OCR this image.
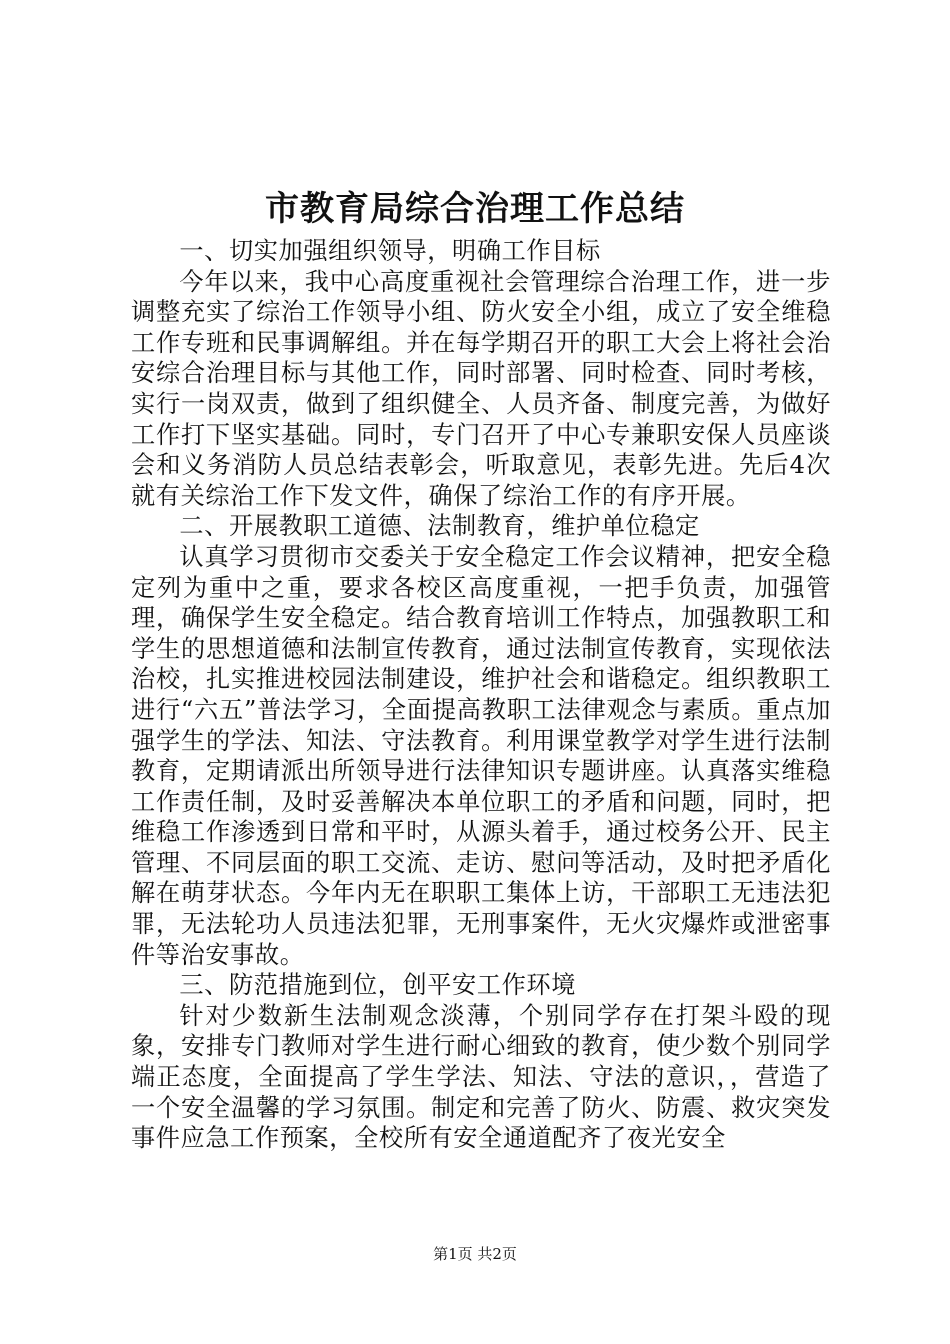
市教育局综合治理工作总结

一、切实加强组织领导，明确工作目标

今年以来，我中心高度重视社会管理综合治理工作，进一步调整充实了综治工作领导小组、防火安全小组，成立了安全维稳工作专班和民事调解组。并在每学期召开的职工大会上将社会治安综合治理目标与其他工作，同时部署、同时检查、同时考核，实行一岗双责，做到了组织健全、人员齐备、制度完善，为做好工作打下坚实基础。同时，专门召开了中心专兼职安保人员座谈会和义务消防人员总结表彰会，听取意见，表彰先进。先后4次就有关综治工作下发文件，确保了综治工作的有序开展。

二、开展教职工道德、法制教育，维护单位稳定

认真学习贯彻市交委关于安全稳定工作会议精神，把安全稳定列为重中之重，要求各校区高度重视，一把手负责，加强管理，确保学生安全稳定。结合教育培训工作特点，加强教职工和学生的思想道德和法制宣传教育，通过法制宣传教育，实现依法治校，扎实推进校园法制建设，维护社会和谐稳定。组织教职工进行“六五”普法学习，全面提高教职工法律观念与素质。重点加强学生的学法、知法、守法教育。利用课堂教学对学生进行法制教育，定期请派出所领导进行法律知识专题讲座。认真落实维稳工作责任制，及时妥善解决本单位职工的矛盾和问题，同时，把维稳工作渗透到日常和平时，从源头着手，通过校务公开、民主管理、不同层面的职工交流、走访、慰问等活动，及时把矛盾化解在萌芽状态。今年内无在职职工集体上访，干部职工无违法犯罪，无法轮功人员违法犯罪，无刑事案件，无火灾爆炸或泄密事件等治安事故。

三、防范措施到位，创平安工作环境

针对少数新生法制观念淡薄，个别同学存在打架斗殴的现象，安排专门教师对学生进行耐心细致的教育，使少数个别同学端正态度，全面提高了学生学法、知法、守法的意识，，营造了一个安全温馨的学习氛围。制定和完善了防火、防震、救灾突发事件应急工作预案，全校所有安全通道配齐了夜光安全

第1页 共2页
